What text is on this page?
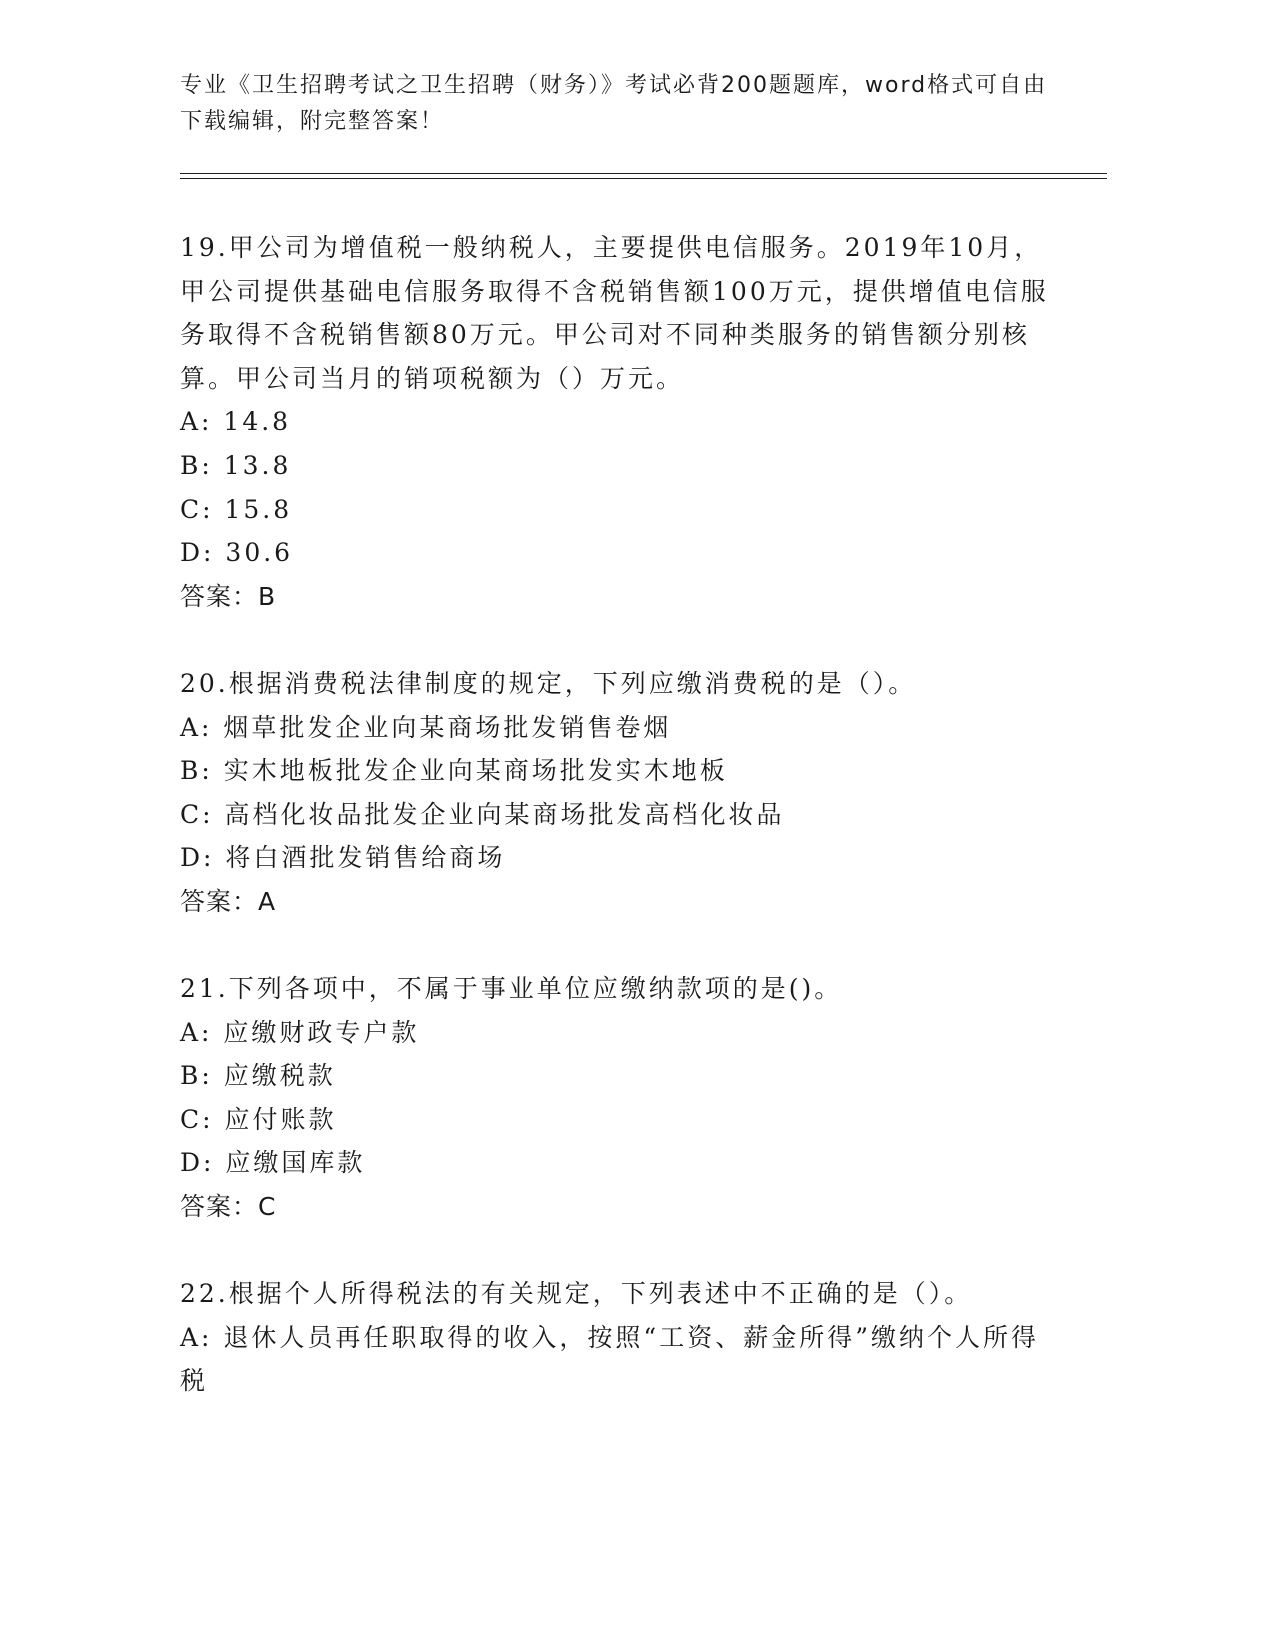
专业《卫生招聘考试之卫生招聘（财务）》考试必背200题题库，word格式可自由下载编辑，附完整答案！

19.甲公司为增值税一般纳税人，主要提供电信服务。2019年10月，甲公司提供基础电信服务取得不含税销售额100万元，提供增值电信服务取得不含税销售额80万元。甲公司对不同种类服务的销售额分别核算。甲公司当月的销项税额为（）万元。

A: 14.8

B: 13.8

C: 15.8

D: 30.6

答案：B

20.根据消费税法律制度的规定，下列应缴消费税的是（）。

A: 烟草批发企业向某商场批发销售卷烟

B: 实木地板批发企业向某商场批发实木地板

C: 高档化妆品批发企业向某商场批发高档化妆品

D: 将白酒批发销售给商场

答案：A

21.下列各项中，不属于事业单位应缴纳款项的是()。

A: 应缴财政专户款

B: 应缴税款

C: 应付账款

D: 应缴国库款

答案：C

22.根据个人所得税法的有关规定，下列表述中不正确的是（）。

A: 退休人员再任职取得的收入，按照“工资、薪金所得”缴纳个人所得税
